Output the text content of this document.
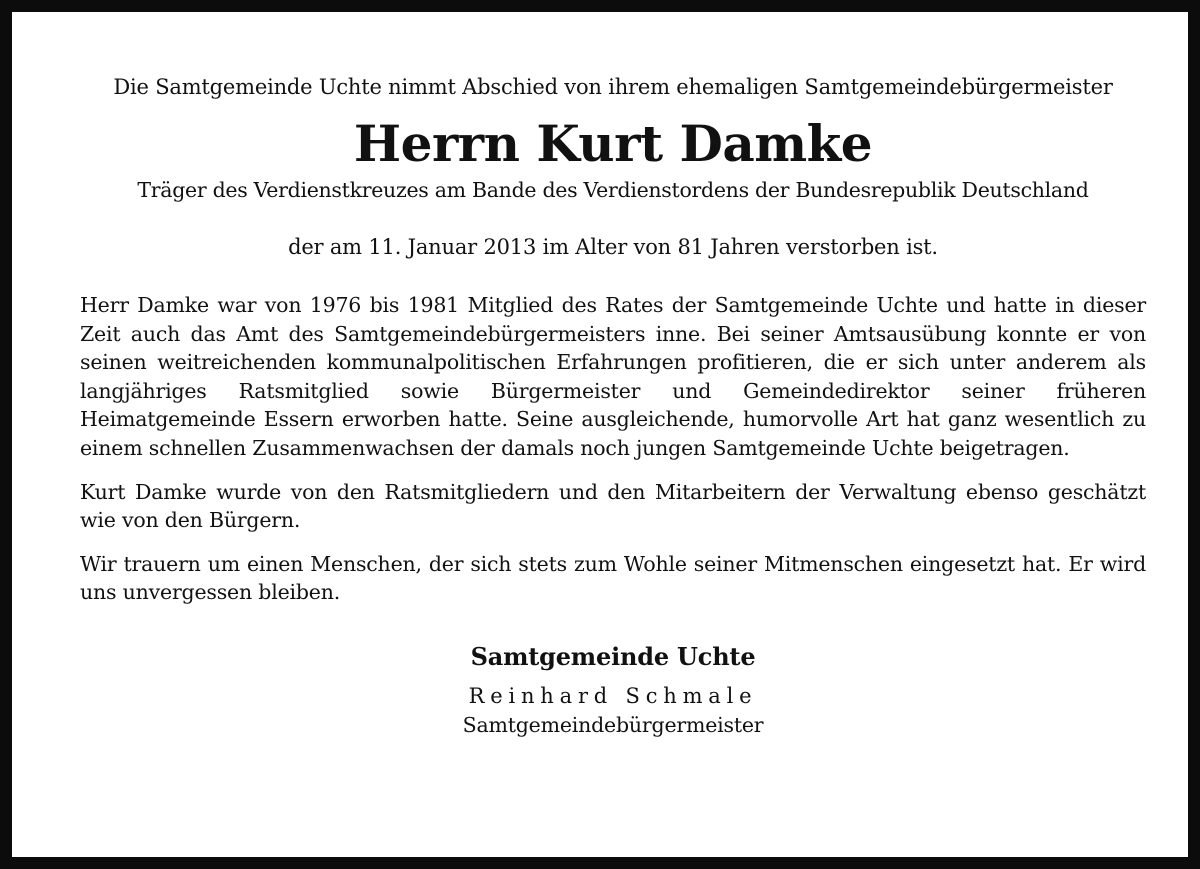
Die Samtgemeinde Uchte nimmt Abschied von ihrem ehemaligen Samtgemeindebürgermeister

Herrn Kurt Damke

Träger des Verdienstkreuzes am Bande des Verdienstordens der Bundesrepublik Deutschland

der am 11. Januar 2013 im Alter von 81 Jahren verstorben ist.

Herr Damke war von 1976 bis 1981 Mitglied des Rates der Samtgemeinde Uchte und hatte in dieser Zeit auch das Amt des Samtgemeindebürgermeisters inne. Bei seiner Amtsausübung konnte er von seinen weitreichenden kommunalpolitischen Erfahrungen profitieren, die er sich unter anderem als langjähriges Ratsmitglied sowie Bürgermeister und Gemeindedirektor seiner früheren Heimatgemeinde Essern erworben hatte. Seine ausgleichende, humorvolle Art hat ganz wesentlich zu einem schnellen Zusammenwachsen der damals noch jungen Samtgemeinde Uchte beigetragen.

Kurt Damke wurde von den Ratsmitgliedern und den Mitarbeitern der Verwaltung ebenso geschätzt wie von den Bürgern.

Wir trauern um einen Menschen, der sich stets zum Wohle seiner Mitmenschen eingesetzt hat. Er wird uns unvergessen bleiben.

Samtgemeinde Uchte

Reinhard Schmale

Samtgemeindebürgermeister
